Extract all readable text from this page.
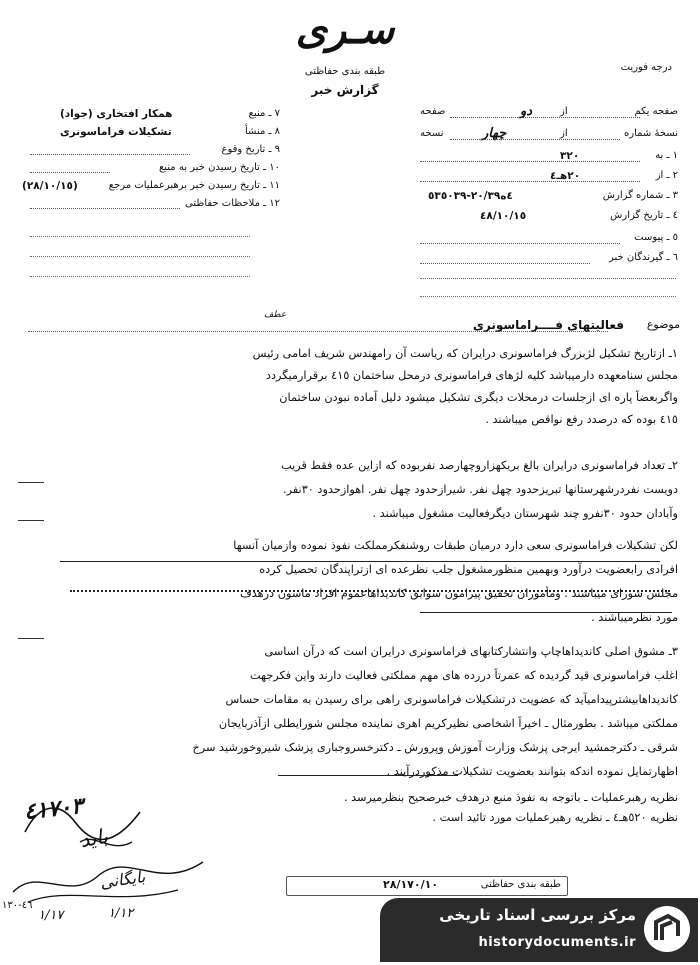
سـرى
طبقه بندی حفاظتی
گزارش خبر
درجه فوریت
٧ ـ منبع
همکار افتخاری (جواد)
٨ ـ منشأ
تشکیلات فراماسونری
٩ ـ تاریخ وقوع
١٠ ـ تاریخ رسیدن خبر به منبع
١١ ـ تاریخ رسیدن خبر برهبرعملیات مرجع
(٢٨/١٠/١٥)
١٢ ـ ملاحظات حفاظتی
صفحه یکم
دو	از
صفحه
نسخهٔ شماره
چهار	از
نسخه
١ ـ به
٣٢٠
٢ ـ از
٢٠هـ٤
٣ ـ شماره گزارش
٤ه٢٠/٣٩-٥٣٥٠٣٩
٤ ـ تاریخ گزارش
٤٨/١٠/١٥
٥ ـ پیوست
٦ ـ گیرندگان خبر
موضوع
فعالیتهای فــــراماسونری
عطف
١ـ ازتاریخ تشکیل لژبزرگ فراماسونری درایران که ریاست آن رامهندس شریف امامی رئیس
مجلس سنامعهده دارمیباشد کلیه لژهای فراماسونری درمحل ساختمان ٤١٥ برقرارمیگردد
واگربعضاً پاره ای ازجلسات درمحلات دیگری تشکیل میشود دلیل آماده نبودن ساختمان
٤١٥ بوده که درصدد رفع نواقص میباشند .
٢ـ تعداد فراماسونری درایران بالغ بریکهزاروچهارصد نفربوده که ازاین عده فقط قریب
دویست نفردرشهرستانها تبریزحدود چهل نفر. شیرازحدود چهل نفر. اهوازحدود ٣٠نفر.
وآبادان حدود ٣٠نفرو چند شهرستان دیگرفعالیت مشغول میباشند .
لکن تشکیلات فراماسونری سعی دارد درمیان طبقات روشنفکرمملکت نفوذ نموده وازمیان آنسها
افرادی رابعضویت درآورد وبهمین منظورمشغول جلب نظرعده ای ازتراپندگان تحصیل کرده
مجلس شورای میباشند . ومأموران تحقیق پیرامون سوابق کاندیداهاعموم افراد ماسون درهدف
مورد نظرمیباشند .
٣ـ مشوق اصلی کاندیداهاچاپ وانتشارکتابهای فراماسونری درایران است که درآن اساسی
اغلب فراماسونری قید گردیده که عمرتاً دررده های مهم مملکتی فعالیت دارند واین فکرجهت
کاندیداهابیشترپیدامیآید که عضویت درتشکیلات فراماسونری راهی برای رسیدن به مقامات حساس
مملکتی میباشد . بطورمثال ـ اخیراً اشخاصی نظیرکریم اهری نماینده مجلس شورایطلی ازآذربایجان
شرقی ـ دکترجمشید ایرجی پزشک وزارت آموزش وپرورش ـ دکترخسروجباری پزشک شیروخورشید سرخ
اظهارتمایل نموده اندکه بتوانند بعضویت تشکیلات مذکوردرآیند .
نظریه رهبرعملیات ـ باتوجه به نفوذ منبع درهدف خبرصحیح بنظرمیرسد .
نظریه ٥٢٠هـ٤ ـ نظریه رهبرعملیات مورد تائید است .
٤١٧٠٣
باید
بایگانی
١/١٢
١/١٧
طبقه بندی حفاظتی
٢٨/١٧٠/١٠
٤٦-١٣٠
مرکز بررسی اسناد تاریخی
historydocuments.ir
